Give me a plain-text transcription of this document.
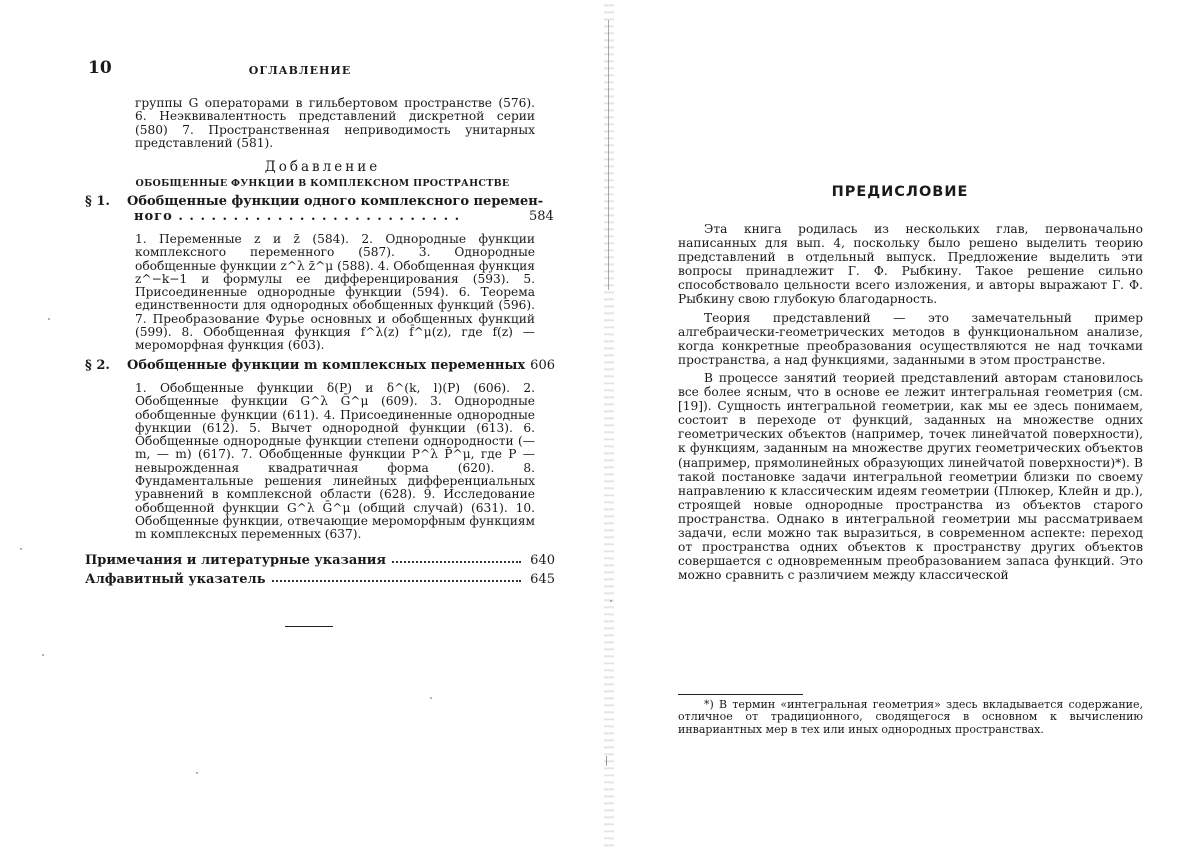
10	ОГЛАВЛЕНИЕ
группы G операторами в гильбертовом пространстве (576). 6. Неэквивалентность представлений дискретной серии (580) 7. Пространственная неприводимость унитарных представлений (581).
Добавление
ОБОБЩЕННЫЕ ФУНКЦИИ В КОМПЛЕКСНОМ ПРОСТРАНСТВЕ
§ 1. Обобщенные функции одного комплексного перемен-
ного . . . . . . . . . . . . . . . . . . . . . . . . . .	584
1. Переменные z и z̄ (584). 2. Однородные функции комплексного переменного (587). 3. Однородные обобщенные функции z^λ z̄^μ (588). 4. Обобщенная функция z^−k−1 и формулы ее дифференцирования (593). 5. Присоединенные однородные функции (594). 6. Теорема единственности для однородных обобщенных функций (596). 7. Преобразование Фурье основных и обобщенных функций (599). 8. Обобщенная функция f^λ(z) f̄^μ(z), где f(z) — мероморфная функция (603).
§ 2. Обобщенные функции m комплексных переменных 606
1. Обобщенные функции δ(P) и δ^(k, l)(P) (606). 2. Обобщенные функции G^λ Ḡ^μ (609). 3. Однородные обобщенные функции (611). 4. Присоединенные однородные функции (612). 5. Вычет однородной функции (613). 6. Обобщенные однородные функции степени однородности (— m, — m) (617). 7. Обобщенные функции P^λ P̄^μ, где P — невырожденная квадратичная форма (620). 8. Фундаментальные решения линейных дифференциальных уравнений в комплексной области (628). 9. Исследование обобщенной функции G^λ Ḡ^μ (общий случай) (631). 10. Обобщенные функции, отвечающие мероморфным функциям m комплексных переменных (637).
Примечания и литературные указания	640
Алфавитный указатель	645
ПРЕДИСЛОВИЕ

Эта книга родилась из нескольких глав, первоначально написанных для вып. 4, поскольку было решено выделить теорию представлений в отдельный выпуск. Предложение выделить эти вопросы принадлежит Г. Ф. Рыбкину. Такое решение сильно способствовало цельности всего изложения, и авторы выражают Г. Ф. Рыбкину свою глубокую благодарность.

Теория представлений — это замечательный пример алгебраически-геометрических методов в функциональном анализе, когда конкретные преобразования осуществляются не над точками пространства, а над функциями, заданными в этом пространстве.

В процессе занятий теорией представлений авторам становилось все более ясным, что в основе ее лежит интегральная геометрия (см. [19]). Сущность интегральной геометрии, как мы ее здесь понимаем, состоит в переходе от функций, заданных на множестве одних геометрических объектов (например, точек линейчатой поверхности), к функциям, заданным на множестве других геометрических объектов (например, прямолинейных образующих линейчатой поверхности)*). В такой постановке задачи интегральной геометрии близки по своему направлению к классическим идеям геометрии (Плюкер, Клейн и др.), строящей новые однородные пространства из объектов старого пространства. Однако в интегральной геометрии мы рассматриваем задачи, если можно так выразиться, в современном аспекте: переход от пространства одних объектов к пространству других объектов совершается с одновременным преобразованием запаса функций. Это можно сравнить с различием между классической

*) В термин «интегральная геометрия» здесь вкладывается содержание, отличное от традиционного, сводящегося в основном к вычислению инвариантных мер в тех или иных однородных пространствах.
